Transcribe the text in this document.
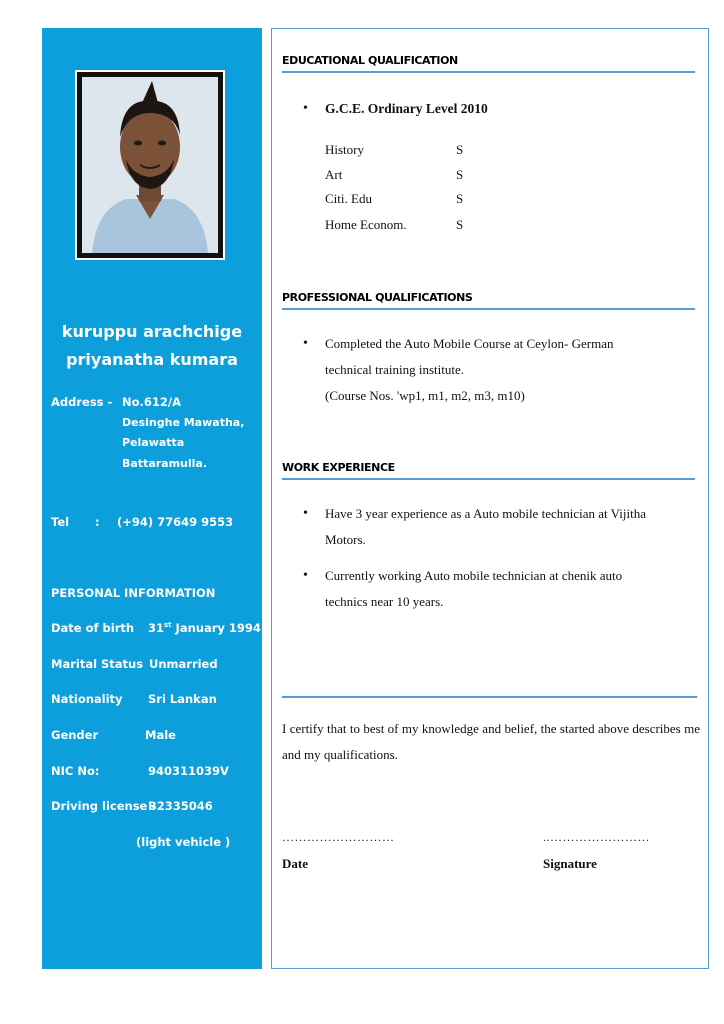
kuruppu arachchige
priyanatha kumara
Address - No.612/A
Desinghe Mawatha,
Pelawatta
Battaramulla.
Tel : (+94) 77649 9553
PERSONAL INFORMATION
Date of birth 31st January 1994
Marital Status Unmarried
Nationality Sri Lankan
Gender	Male
NIC No:	940311039V
Driving license -
B2335046
(light vehicle )
EDUCATIONAL QUALIFICATION
• G.C.E. Ordinary Level 2010
History	S
Art	S
Citi. Edu	S
Home Econom.	S
PROFESSIONAL QUALIFICATIONS
• Completed the Auto Mobile Course at Ceylon- German
technical training institute.
(Course Nos. 'wp1, m1, m2, m3, m10)
WORK EXPERIENCE
• Have 3 year experience as a Auto mobile technician at Vijitha
Motors.
• Currently working Auto mobile technician at chenik auto
technics near 10 years.
I certify that to best of my knowledge and belief, the started above describes me and my qualifications.
………………………	..……………………
Date	Signature
